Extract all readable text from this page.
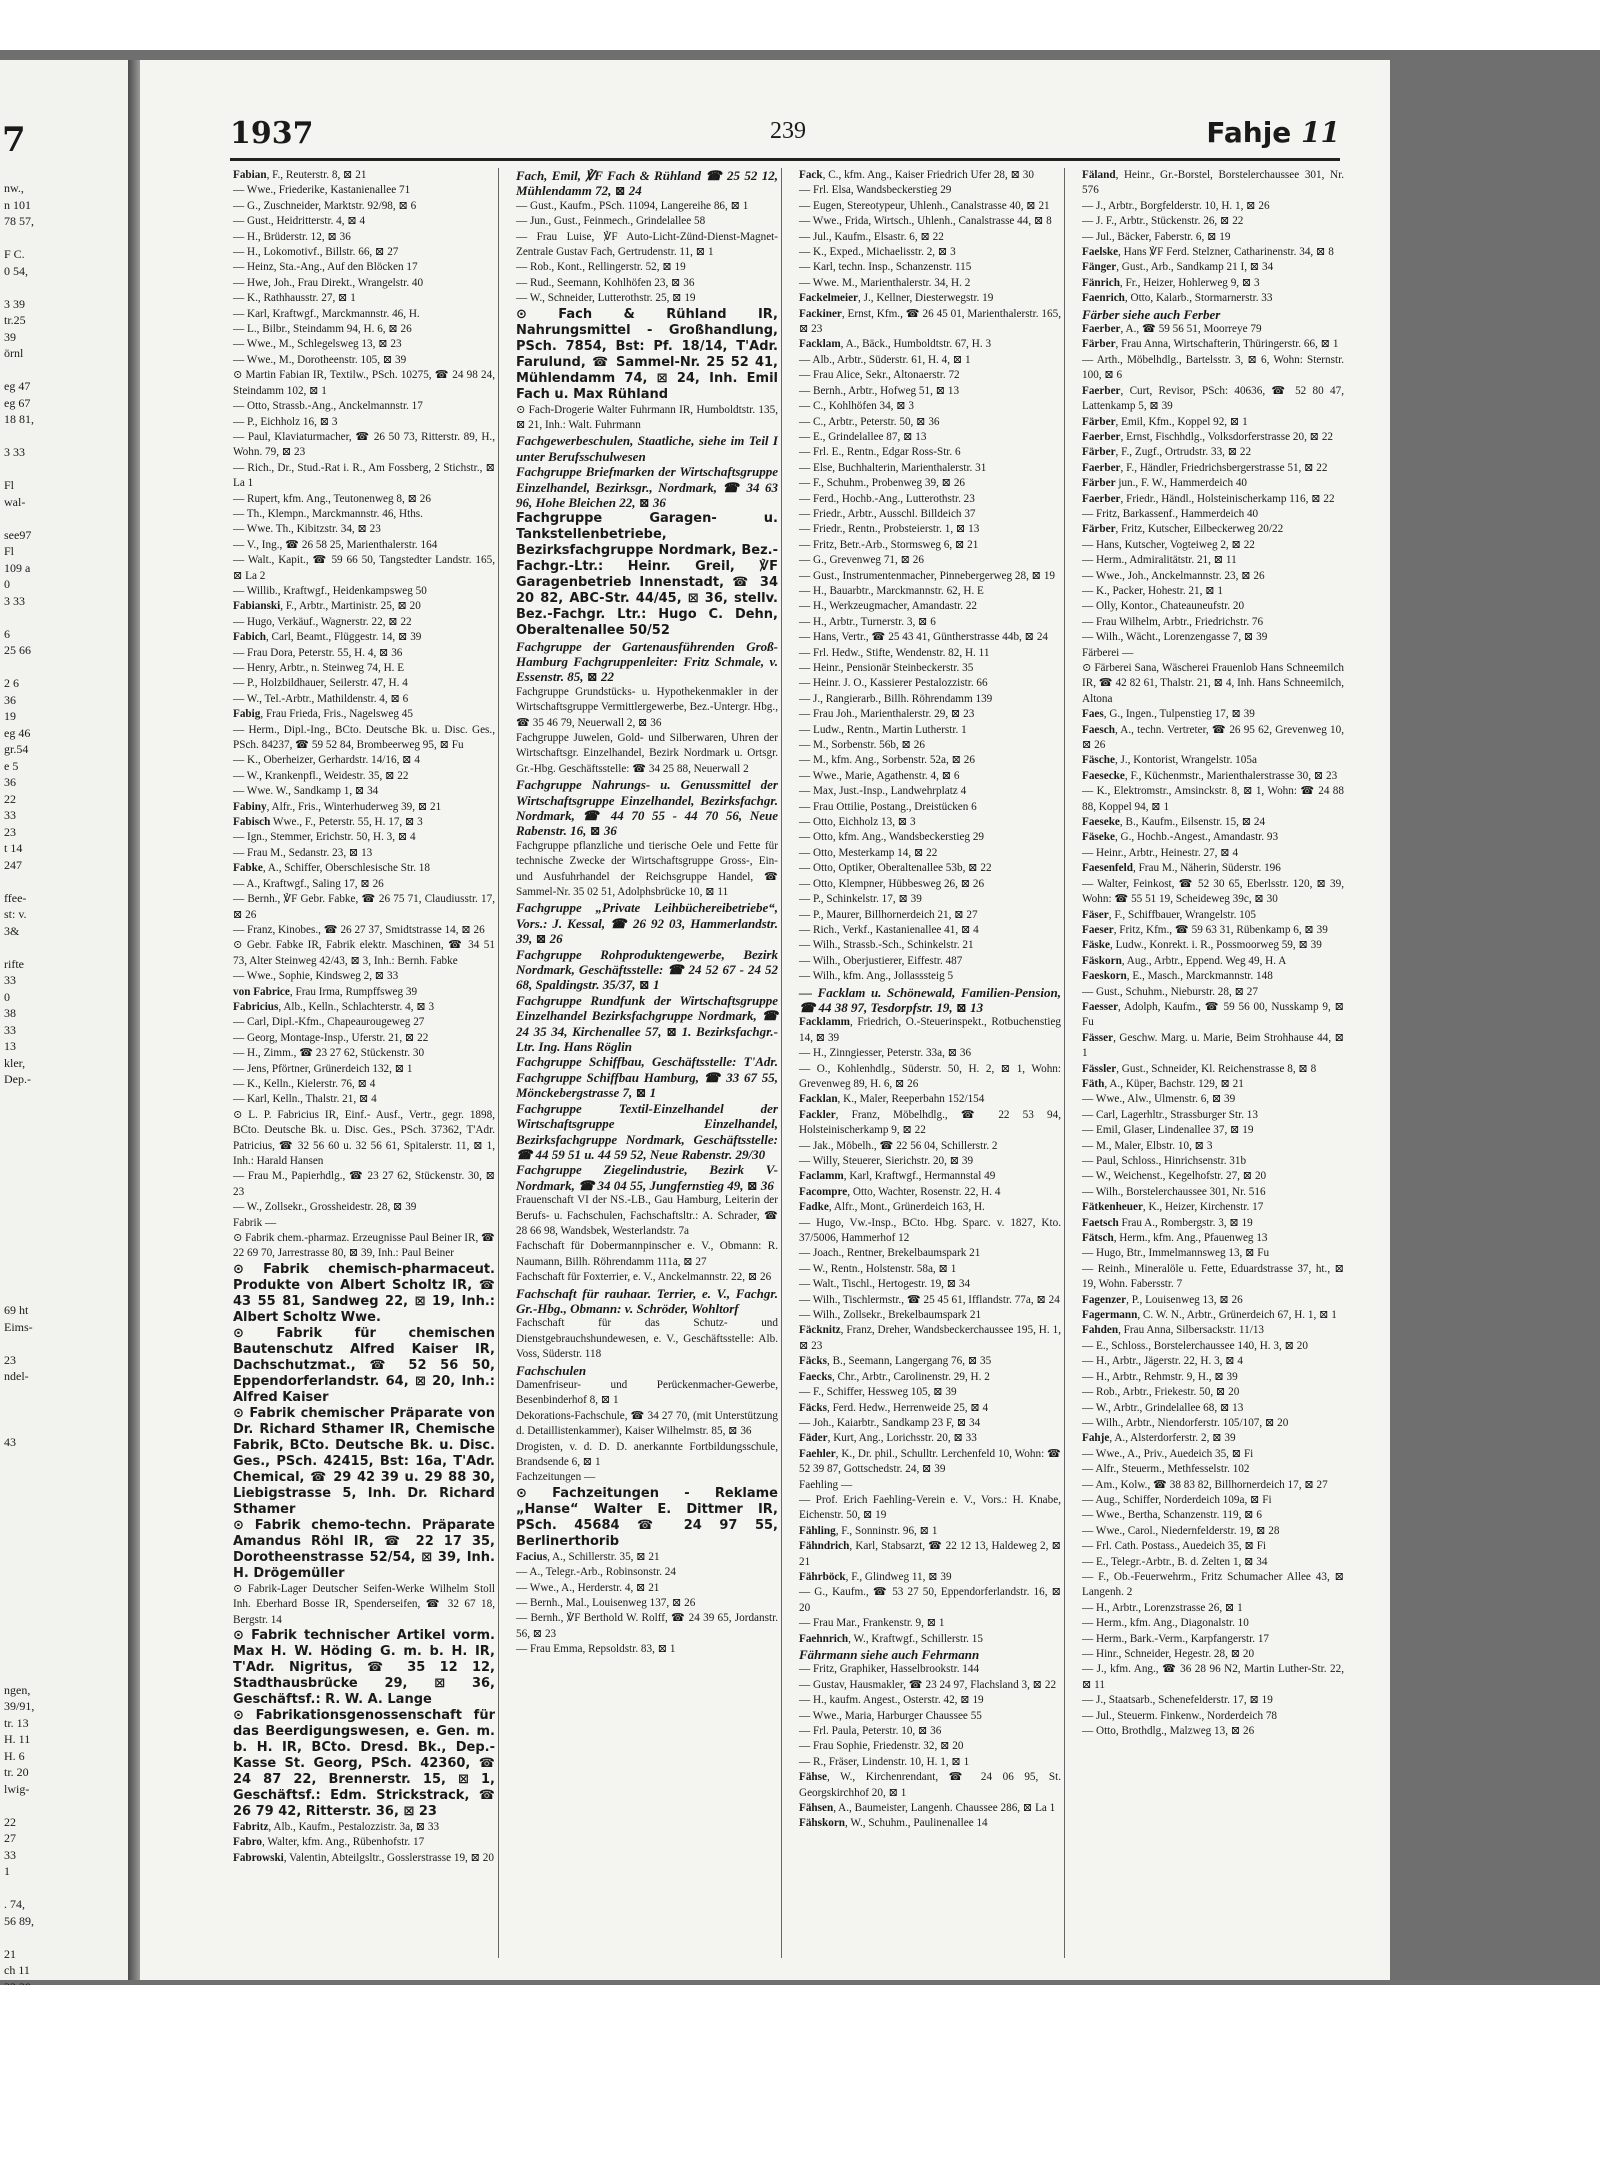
7
nw.,
n 101
78 57,

F C.
0 54,

3 39
tr.25
39
örnl

eg 47
eg 67
18 81,

3 33

Fl
wal-

see97
Fl
109 a
0
3 33

6
25 66

2 6
36
19
eg 46
gr.54
e 5
36
22
33
23
t 14
247

ffee-
st: v.
3&

rifte
33
0
38
33
13
kler,
Dep.-

69 ht
Eims-

23
ndel-

43

ngen,
39/91,
tr. 13
H. 11
H. 6
tr. 20
lwig-

22
27
33
1

. 74,
56 89,

21
ch 11

1937	239	Fahje 11
Fabian, F., Reuterstr. 8, ⊠ 21
— Wwe., Friederike, Kastanienallee 71
— G., Zuschneider, Marktstr. 92/98, ⊠ 6
— Gust., Heidritterstr. 4, ⊠ 4
— H., Brüderstr. 12, ⊠ 36
— H., Lokomotivf., Billstr. 66, ⊠ 27
— Heinz, Sta.-Ang., Auf den Blöcken 17
— Hwe, Joh., Frau Direkt., Wrangelstr. 40
— K., Rathhausstr. 27, ⊠ 1
— Karl, Kraftwgf., Marckmannstr. 46, H.
— L., Bilbr., Steindamm 94, H. 6, ⊠ 26
— Wwe., M., Schlegelsweg 13, ⊠ 23
— Wwe., M., Dorotheenstr. 105, ⊠ 39
⊙ Martin Fabian IR, Textilw., PSch. 10275, ☎ 24 98 24, Steindamm 102, ⊠ 1
— Otto, Strassb.-Ang., Anckelmannstr. 17
— P., Eichholz 16, ⊠ 3
— Paul, Klaviaturmacher, ☎ 26 50 73, Ritterstr. 89, H., Wohn. 79, ⊠ 23
— Rich., Dr., Stud.-Rat i. R., Am Fossberg, 2 Stichstr., ⊠ La 1
— Rupert, kfm. Ang., Teutonenweg 8, ⊠ 26
— Th., Klempn., Marckmannstr. 46, Hths.
— Wwe. Th., Kibitzstr. 34, ⊠ 23
— V., Ing., ☎ 26 58 25, Marienthalerstr. 164
— Walt., Kapit., ☎ 59 66 50, Tangstedter Landstr. 165, ⊠ La 2
— Willib., Kraftwgf., Heidenkampsweg 50
Fabianski, F., Arbtr., Martinistr. 25, ⊠ 20
— Hugo, Verkäuf., Wagnerstr. 22, ⊠ 22
Fabich, Carl, Beamt., Flüggestr. 14, ⊠ 39
— Frau Dora, Peterstr. 55, H. 4, ⊠ 36
— Henry, Arbtr., n. Steinweg 74, H. E
— P., Holzbildhauer, Seilerstr. 47, H. 4
— W., Tel.-Arbtr., Mathildenstr. 4, ⊠ 6
Fabig, Frau Frieda, Fris., Nagelsweg 45
— Herm., Dipl.-Ing., BCto. Deutsche Bk. u. Disc. Ges., PSch. 84237, ☎ 59 52 84, Brombeerweg 95, ⊠ Fu
— K., Oberheizer, Gerhardstr. 14/16, ⊠ 4
— W., Krankenpfl., Weidestr. 35, ⊠ 22
— Wwe. W., Sandkamp 1, ⊠ 34
Fabiny, Alfr., Fris., Winterhuderweg 39, ⊠ 21
Fabisch Wwe., F., Peterstr. 55, H. 17, ⊠ 3
— Ign., Stemmer, Erichstr. 50, H. 3, ⊠ 4
— Frau M., Sedanstr. 23, ⊠ 13
Fabke, A., Schiffer, Oberschlesische Str. 18
— A., Kraftwgf., Saling 17, ⊠ 26
— Bernh., ℣F Gebr. Fabke, ☎ 26 75 71, Claudiusstr. 17, ⊠ 26
— Franz, Kinobes., ☎ 26 27 37, Smidtstrasse 14, ⊠ 26
⊙ Gebr. Fabke IR, Fabrik elektr. Maschinen, ☎ 34 51 73, Alter Steinweg 42/43, ⊠ 3, Inh.: Bernh. Fabke
— Wwe., Sophie, Kindsweg 2, ⊠ 33
von Fabrice, Frau Irma, Rumpffsweg 39
Fabricius, Alb., Kelln., Schlachterstr. 4, ⊠ 3
— Carl, Dipl.-Kfm., Chapeaurougeweg 27
— Georg, Montage-Insp., Uferstr. 21, ⊠ 22
— H., Zimm., ☎ 23 27 62, Stückenstr. 30
— Jens, Pförtner, Grünerdeich 132, ⊠ 1
— K., Kelln., Kielerstr. 76, ⊠ 4
— Karl, Kelln., Thalstr. 21, ⊠ 4
⊙ L. P. Fabricius IR, Einf.- Ausf., Vertr., gegr. 1898, BCto. Deutsche Bk. u. Disc. Ges., PSch. 37362, T'Adr. Patricius, ☎ 32 56 60 u. 32 56 61, Spitalerstr. 11, ⊠ 1, Inh.: Harald Hansen
— Frau M., Papierhdlg., ☎ 23 27 62, Stückenstr. 30, ⊠ 23
— W., Zollsekr., Grossheidestr. 28, ⊠ 39
Fabrik —
⊙ Fabrik chem.-pharmaz. Erzeugnisse Paul Beiner IR, ☎ 22 69 70, Jarrestrasse 80, ⊠ 39, Inh.: Paul Beiner
⊙ Fabrik chemisch-pharmaceut. Produkte von Albert Scholtz IR, ☎ 43 55 81, Sandweg 22, ⊠ 19, Inh.: Albert Scholtz Wwe.
⊙ Fabrik für chemischen Bautenschutz Alfred Kaiser IR, Dachschutzmat., ☎ 52 56 50, Eppendorferlandstr. 64, ⊠ 20, Inh.: Alfred Kaiser
⊙ Fabrik chemischer Präparate von Dr. Richard Sthamer IR, Chemische Fabrik, BCto. Deutsche Bk. u. Disc. Ges., PSch. 42415, Bst: 16a, T'Adr. Chemical, ☎ 29 42 39 u. 29 88 30, Liebigstrasse 5, Inh. Dr. Richard Sthamer
⊙ Fabrik chemo-techn. Präparate Amandus Röhl IR, ☎ 22 17 35, Dorotheenstrasse 52/54, ⊠ 39, Inh. H. Drögemüller
⊙ Fabrik-Lager Deutscher Seifen-Werke Wilhelm Stoll Inh. Eberhard Bosse IR, Spenderseifen, ☎ 32 67 18, Bergstr. 14
⊙ Fabrik technischer Artikel vorm. Max H. W. Höding G. m. b. H. IR, T'Adr. Nigritus, ☎ 35 12 12, Stadthausbrücke 29, ⊠ 36, Geschäftsf.: R. W. A. Lange
⊙ Fabrikationsgenossenschaft für das Beerdigungswesen, e. Gen. m. b. H. IR, BCto. Dresd. Bk., Dep.-Kasse St. Georg, PSch. 42360, ☎ 24 87 22, Brennerstr. 15, ⊠ 1, Geschäftsf.: Edm. Strickstrack, ☎ 26 79 42, Ritterstr. 36, ⊠ 23
Fabritz, Alb., Kaufm., Pestalozzistr. 3a, ⊠ 33
Fabro, Walter, kfm. Ang., Rübenhofstr. 17
Fabrowski, Valentin, Abteilgsltr., Gosslerstrasse 19, ⊠ 20
Fach, Emil, ℣F Fach & Rühland ☎ 25 52 12, Mühlendamm 72, ⊠ 24
— Gust., Kaufm., PSch. 11094, Langereihe 86, ⊠ 1
— Jun., Gust., Feinmech., Grindelallee 58
— Frau Luise, ℣F Auto-Licht-Zünd-Dienst-Magnet-Zentrale Gustav Fach, Gertrudenstr. 11, ⊠ 1
— Rob., Kont., Rellingerstr. 52, ⊠ 19
— Rud., Seemann, Kohlhöfen 23, ⊠ 36
— W., Schneider, Lutterothstr. 25, ⊠ 19
⊙ Fach & Rühland IR, Nahrungsmittel - Großhandlung, PSch. 7854, Bst: Pf. 18/14, T'Adr. Farulund, ☎ Sammel-Nr. 25 52 41, Mühlendamm 74, ⊠ 24, Inh. Emil Fach u. Max Rühland
⊙ Fach-Drogerie Walter Fuhrmann IR, Humboldtstr. 135, ⊠ 21, Inh.: Walt. Fuhrmann
Fachgewerbeschulen, Staatliche, siehe im Teil I unter Berufsschulwesen
Fachgruppe Briefmarken der Wirtschaftsgruppe Einzelhandel, Bezirksgr., Nordmark, ☎ 34 63 96, Hohe Bleichen 22, ⊠ 36
Fachgruppe Garagen- u. Tankstellenbetriebe, Bezirksfachgruppe Nordmark, Bez.-Fachgr.-Ltr.: Heinr. Greil, ℣F Garagenbetrieb Innenstadt, ☎ 34 20 82, ABC-Str. 44/45, ⊠ 36, stellv. Bez.-Fachgr. Ltr.: Hugo C. Dehn, Oberaltenallee 50/52
Fachgruppe der Gartenausführenden Groß-Hamburg Fachgruppenleiter: Fritz Schmale, v. Essenstr. 85, ⊠ 22
Fachgruppe Grundstücks- u. Hypothekenmakler in der Wirtschaftsgruppe Vermittlergewerbe, Bez.-Untergr. Hbg., ☎ 35 46 79, Neuerwall 2, ⊠ 36
Fachgruppe Juwelen, Gold- und Silberwaren, Uhren der Wirtschaftsgr. Einzelhandel, Bezirk Nordmark u. Ortsgr. Gr.-Hbg. Geschäftsstelle: ☎ 34 25 88, Neuerwall 2
Fachgruppe Nahrungs- u. Genussmittel der Wirtschaftsgruppe Einzelhandel, Bezirksfachgr. Nordmark, ☎ 44 70 55 - 44 70 56, Neue Rabenstr. 16, ⊠ 36
Fachgruppe pflanzliche und tierische Oele und Fette für technische Zwecke der Wirtschaftsgruppe Gross-, Ein- und Ausfuhrhandel der Reichsgruppe Handel, ☎ Sammel-Nr. 35 02 51, Adolphsbrücke 10, ⊠ 11
Fachgruppe „Private Leihbüchereibetriebe“, Vors.: J. Kessal, ☎ 26 92 03, Hammerlandstr. 39, ⊠ 26
Fachgruppe Rohproduktengewerbe, Bezirk Nordmark, Geschäftsstelle: ☎ 24 52 67 - 24 52 68, Spaldingstr. 35/37, ⊠ 1
Fachgruppe Rundfunk der Wirtschaftsgruppe Einzelhandel Bezirksfachgruppe Nordmark, ☎ 24 35 34, Kirchenallee 57, ⊠ 1. Bezirksfachgr.-Ltr. Ing. Hans Röglin
Fachgruppe Schiffbau, Geschäftsstelle: T'Adr. Fachgruppe Schiffbau Hamburg, ☎ 33 67 55, Mönckebergstrasse 7, ⊠ 1
Fachgruppe Textil-Einzelhandel der Wirtschaftsgruppe Einzelhandel, Bezirksfachgruppe Nordmark, Geschäftsstelle: ☎ 44 59 51 u. 44 59 52, Neue Rabenstr. 29/30
Fachgruppe Ziegelindustrie, Bezirk V-Nordmark, ☎ 34 04 55, Jungfernstieg 49, ⊠ 36
Frauenschaft VI der NS.-LB., Gau Hamburg, Leiterin der Berufs- u. Fachschulen, Fachschaftsltr.: A. Schrader, ☎ 28 66 98, Wandsbek, Westerlandstr. 7a
Fachschaft für Dobermannpinscher e. V., Obmann: R. Naumann, Billh. Röhrendamm 111a, ⊠ 27
Fachschaft für Foxterrier, e. V., Anckelmannstr. 22, ⊠ 26
Fachschaft für rauhaar. Terrier, e. V., Fachgr. Gr.-Hbg., Obmann: v. Schröder, Wohltorf
Fachschaft für das Schutz- und Dienstgebrauchshundewesen, e. V., Geschäftsstelle: Alb. Voss, Süderstr. 118
Fachschulen
Damenfriseur- und Perückenmacher-Gewerbe, Besenbinderhof 8, ⊠ 1
Dekorations-Fachschule, ☎ 34 27 70, (mit Unterstützung d. Detaillistenkammer), Kaiser Wilhelmstr. 85, ⊠ 36
Drogisten, v. d. D. D. anerkannte Fortbildungsschule, Brandsende 6, ⊠ 1
Fachzeitungen —
⊙ Fachzeitungen - Reklame „Hanse“ Walter E. Dittmer IR, PSch. 45684 ☎ 24 97 55, Berlinerthorib
Facius, A., Schillerstr. 35, ⊠ 21
— A., Telegr.-Arb., Robinsonstr. 24
— Wwe., A., Herderstr. 4, ⊠ 21
— Bernh., Mal., Louisenweg 137, ⊠ 26
— Bernh., ℣F Berthold W. Rolff, ☎ 24 39 65, Jordanstr. 56, ⊠ 23
— Frau Emma, Repsoldstr. 83, ⊠ 1
Fack, C., kfm. Ang., Kaiser Friedrich Ufer 28, ⊠ 30
— Frl. Elsa, Wandsbeckerstieg 29
— Eugen, Stereotypeur, Uhlenh., Canalstrasse 40, ⊠ 21
— Wwe., Frida, Wirtsch., Uhlenh., Canalstrasse 44, ⊠ 8
— Jul., Kaufm., Elsastr. 6, ⊠ 22
— K., Exped., Michaelisstr. 2, ⊠ 3
— Karl, techn. Insp., Schanzenstr. 115
— Wwe. M., Marienthalerstr. 34, H. 2
Fackelmeier, J., Kellner, Diesterwegstr. 19
Fackiner, Ernst, Kfm., ☎ 26 45 01, Marienthalerstr. 165, ⊠ 23
Facklam, A., Bäck., Humboldtstr. 67, H. 3
— Alb., Arbtr., Süderstr. 61, H. 4, ⊠ 1
— Frau Alice, Sekr., Altonaerstr. 72
— Bernh., Arbtr., Hofweg 51, ⊠ 13
— C., Kohlhöfen 34, ⊠ 3
— C., Arbtr., Peterstr. 50, ⊠ 36
— E., Grindelallee 87, ⊠ 13
— Frl. E., Rentn., Edgar Ross-Str. 6
— Else, Buchhalterin, Marienthalerstr. 31
— F., Schuhm., Probenweg 39, ⊠ 26
— Ferd., Hochb.-Ang., Lutterothstr. 23
— Friedr., Arbtr., Ausschl. Billdeich 37
— Friedr., Rentn., Probsteierstr. 1, ⊠ 13
— Fritz, Betr.-Arb., Stormsweg 6, ⊠ 21
— G., Grevenweg 71, ⊠ 26
— Gust., Instrumentenmacher, Pinnebergerweg 28, ⊠ 19
— H., Bauarbtr., Marckmannstr. 62, H. E
— H., Werkzeugmacher, Amandastr. 22
— H., Arbtr., Turnerstr. 3, ⊠ 6
— Hans, Vertr., ☎ 25 43 41, Güntherstrasse 44b, ⊠ 24
— Frl. Hedw., Stifte, Wendenstr. 82, H. 11
— Heinr., Pensionär Steinbeckerstr. 35
— Heinr. J. O., Kassierer Pestalozzistr. 66
— J., Rangierarb., Billh. Röhrendamm 139
— Frau Joh., Marienthalerstr. 29, ⊠ 23
— Ludw., Rentn., Martin Lutherstr. 1
— M., Sorbenstr. 56b, ⊠ 26
— M., kfm. Ang., Sorbenstr. 52a, ⊠ 26
— Wwe., Marie, Agathenstr. 4, ⊠ 6
— Max, Just.-Insp., Landwehrplatz 4
— Frau Ottilie, Postang., Dreistücken 6
— Otto, Eichholz 13, ⊠ 3
— Otto, kfm. Ang., Wandsbeckerstieg 29
— Otto, Mesterkamp 14, ⊠ 22
— Otto, Optiker, Oberaltenallee 53b, ⊠ 22
— Otto, Klempner, Hübbesweg 26, ⊠ 26
— P., Schinkelstr. 17, ⊠ 39
— P., Maurer, Billhornerdeich 21, ⊠ 27
— Rich., Verkf., Kastanienallee 41, ⊠ 4
— Wilh., Strassb.-Sch., Schinkelstr. 21
— Wilh., Oberjustierer, Eiffestr. 487
— Wilh., kfm. Ang., Jollasssteig 5
— Facklam u. Schönewald, Familien-Pension, ☎ 44 38 97, Tesdorpfstr. 19, ⊠ 13
Facklamm, Friedrich, O.-Steuerinspekt., Rotbuchenstieg 14, ⊠ 39
— H., Zinngiesser, Peterstr. 33a, ⊠ 36
— O., Kohlenhdlg., Süderstr. 50, H. 2, ⊠ 1, Wohn: Grevenweg 89, H. 6, ⊠ 26
Facklan, K., Maler, Reeperbahn 152/154
Fackler, Franz, Möbelhdlg., ☎ 22 53 94, Holsteinischerkamp 9, ⊠ 22
— Jak., Möbelh., ☎ 22 56 04, Schillerstr. 2
— Willy, Steuerer, Sierichstr. 20, ⊠ 39
Faclamm, Karl, Kraftwgf., Hermannstal 49
Facompre, Otto, Wachter, Rosenstr. 22, H. 4
Fadke, Alfr., Mont., Grünerdeich 163, H.
— Hugo, Vw.-Insp., BCto. Hbg. Sparc. v. 1827, Kto. 37/5006, Hammerhof 12
— Joach., Rentner, Brekelbaumspark 21
— W., Rentn., Holstenstr. 58a, ⊠ 1
— Walt., Tischl., Hertogestr. 19, ⊠ 34
— Wilh., Tischlermstr., ☎ 25 45 61, Ifflandstr. 77a, ⊠ 24
— Wilh., Zollsekr., Brekelbaumspark 21
Fäcknitz, Franz, Dreher, Wandsbeckerchaussee 195, H. 1, ⊠ 23
Fäcks, B., Seemann, Langergang 76, ⊠ 35
Faecks, Chr., Arbtr., Carolinenstr. 29, H. 2
— F., Schiffer, Hessweg 105, ⊠ 39
Fäcks, Ferd. Hedw., Herrenweide 25, ⊠ 4
— Joh., Kaiarbtr., Sandkamp 23 F, ⊠ 34
Fäder, Kurt, Ang., Lorichsstr. 20, ⊠ 33
Faehler, K., Dr. phil., Schulltr. Lerchenfeld 10, Wohn: ☎ 52 39 87, Gottschedstr. 24, ⊠ 39
Faehling —
— Prof. Erich Faehling-Verein e. V., Vors.: H. Knabe, Eichenstr. 50, ⊠ 19
Fähling, F., Sonninstr. 96, ⊠ 1
Fähndrich, Karl, Stabsarzt, ☎ 22 12 13, Haldeweg 2, ⊠ 21
Fährböck, F., Glindweg 11, ⊠ 39
— G., Kaufm., ☎ 53 27 50, Eppendorferlandstr. 16, ⊠ 20
— Frau Mar., Frankenstr. 9, ⊠ 1
Faehnrich, W., Kraftwgf., Schillerstr. 15
Fährmann siehe auch Fehrmann
— Fritz, Graphiker, Hasselbrookstr. 144
— Gustav, Hausmakler, ☎ 23 24 97, Flachsland 3, ⊠ 22
— H., kaufm. Angest., Osterstr. 42, ⊠ 19
— Wwe., Maria, Harburger Chaussee 55
— Frl. Paula, Peterstr. 10, ⊠ 36
— Frau Sophie, Friedenstr. 32, ⊠ 20
— R., Fräser, Lindenstr. 10, H. 1, ⊠ 1
Fähse, W., Kirchenrendant, ☎ 24 06 95, St. Georgskirchhof 20, ⊠ 1
Fähsen, A., Baumeister, Langenh. Chaussee 286, ⊠ La 1
Fähskorn, W., Schuhm., Paulinenallee 14
Fäland, Heinr., Gr.-Borstel, Borstelerchaussee 301, Nr. 576
— J., Arbtr., Borgfelderstr. 10, H. 1, ⊠ 26
— J. F., Arbtr., Stückenstr. 26, ⊠ 22
— Jul., Bäcker, Faberstr. 6, ⊠ 19
Faelske, Hans ℣F Ferd. Stelzner, Catharinenstr. 34, ⊠ 8
Fänger, Gust., Arb., Sandkamp 21 I, ⊠ 34
Fänrich, Fr., Heizer, Hohlerweg 9, ⊠ 3
Faenrich, Otto, Kalarb., Stormarnerstr. 33
Färber siehe auch Ferber
Faerber, A., ☎ 59 56 51, Moorreye 79
Färber, Frau Anna, Wirtschafterin, Thüringerstr. 66, ⊠ 1
— Arth., Möbelhdlg., Bartelsstr. 3, ⊠ 6, Wohn: Sternstr. 100, ⊠ 6
Faerber, Curt, Revisor, PSch: 40636, ☎ 52 80 47, Lattenkamp 5, ⊠ 39
Färber, Emil, Kfm., Koppel 92, ⊠ 1
Faerber, Ernst, Fischhdlg., Volksdorferstrasse 20, ⊠ 22
Färber, F., Zugf., Ortrudstr. 33, ⊠ 22
Faerber, F., Händler, Friedrichsbergerstrasse 51, ⊠ 22
Färber jun., F. W., Hammerdeich 40
Faerber, Friedr., Händl., Holsteinischerkamp 116, ⊠ 22
— Fritz, Barkassenf., Hammerdeich 40
Färber, Fritz, Kutscher, Eilbeckerweg 20/22
— Hans, Kutscher, Vogteiweg 2, ⊠ 22
— Herm., Admiralitätstr. 21, ⊠ 11
— Wwe., Joh., Anckelmannstr. 23, ⊠ 26
— K., Packer, Hohestr. 21, ⊠ 1
— Olly, Kontor., Chateauneufstr. 20
— Frau Wilhelm, Arbtr., Friedrichstr. 76
— Wilh., Wächt., Lorenzengasse 7, ⊠ 39
Färberei —
⊙ Färberei Sana, Wäscherei Frauenlob Hans Schneemilch IR, ☎ 42 82 61, Thalstr. 21, ⊠ 4, Inh. Hans Schneemilch, Altona
Faes, G., Ingen., Tulpenstieg 17, ⊠ 39
Faesch, A., techn. Vertreter, ☎ 26 95 62, Grevenweg 10, ⊠ 26
Fäsche, J., Kontorist, Wrangelstr. 105a
Faesecke, F., Küchenmstr., Marienthalerstrasse 30, ⊠ 23
— K., Elektromstr., Amsinckstr. 8, ⊠ 1, Wohn: ☎ 24 88 88, Koppel 94, ⊠ 1
Faeseke, B., Kaufm., Eilsenstr. 15, ⊠ 24
Fäseke, G., Hochb.-Angest., Amandastr. 93
— Heinr., Arbtr., Heinestr. 27, ⊠ 4
Faesenfeld, Frau M., Näherin, Süderstr. 196
— Walter, Feinkost, ☎ 52 30 65, Eberlsstr. 120, ⊠ 39, Wohn: ☎ 55 51 19, Scheideweg 39c, ⊠ 30
Fäser, F., Schiffbauer, Wrangelstr. 105
Faeser, Fritz, Kfm., ☎ 59 63 31, Rübenkamp 6, ⊠ 39
Fäske, Ludw., Konrekt. i. R., Possmoorweg 59, ⊠ 39
Fäskorn, Aug., Arbtr., Eppend. Weg 49, H. A
Faeskorn, E., Masch., Marckmannstr. 148
— Gust., Schuhm., Nieburstr. 28, ⊠ 27
Faesser, Adolph, Kaufm., ☎ 59 56 00, Nusskamp 9, ⊠ Fu
Fässer, Geschw. Marg. u. Marie, Beim Strohhause 44, ⊠ 1
Fässler, Gust., Schneider, Kl. Reichenstrasse 8, ⊠ 8
Fäth, A., Küper, Bachstr. 129, ⊠ 21
— Wwe., Alw., Ulmenstr. 6, ⊠ 39
— Carl, Lagerhltr., Strassburger Str. 13
— Emil, Glaser, Lindenallee 37, ⊠ 19
— M., Maler, Elbstr. 10, ⊠ 3
— Paul, Schloss., Hinrichsenstr. 31b
— W., Weichenst., Kegelhofstr. 27, ⊠ 20
— Wilh., Borstelerchaussee 301, Nr. 516
Fätkenheuer, K., Heizer, Kirchenstr. 17
Faetsch Frau A., Rombergstr. 3, ⊠ 19
Fätsch, Herm., kfm. Ang., Pfauenweg 13
— Hugo, Btr., Immelmannsweg 13, ⊠ Fu
— Reinh., Mineralöle u. Fette, Eduardstrasse 37, ht., ⊠ 19, Wohn. Fabersstr. 7
Fagenzer, P., Louisenweg 13, ⊠ 26
Fagermann, C. W. N., Arbtr., Grünerdeich 67, H. 1, ⊠ 1
Fahden, Frau Anna, Silbersackstr. 11/13
— E., Schloss., Borstelerchaussee 140, H. 3, ⊠ 20
— H., Arbtr., Jägerstr. 22, H. 3, ⊠ 4
— H., Arbtr., Rehmstr. 9, H., ⊠ 39
— Rob., Arbtr., Friekestr. 50, ⊠ 20
— W., Arbtr., Grindelallee 68, ⊠ 13
— Wilh., Arbtr., Niendorferstr. 105/107, ⊠ 20
Fahje, A., Alsterdorferstr. 2, ⊠ 39
— Wwe., A., Priv., Auedeich 35, ⊠ Fi
— Alfr., Steuerm., Methfesselstr. 102
— Am., Kolw., ☎ 38 83 82, Billhornerdeich 17, ⊠ 27
— Aug., Schiffer, Norderdeich 109a, ⊠ Fi
— Wwe., Bertha, Schanzenstr. 119, ⊠ 6
— Wwe., Carol., Niedernfelderstr. 19, ⊠ 28
— Frl. Cath. Postass., Auedeich 35, ⊠ Fi
— E., Telegr.-Arbtr., B. d. Zelten 1, ⊠ 34
— F., Ob.-Feuerwehrm., Fritz Schumacher Allee 43, ⊠ Langenh. 2
— H., Arbtr., Lorenzstrasse 26, ⊠ 1
— Herm., kfm. Ang., Diagonalstr. 10
— Herm., Bark.-Verm., Karpfangerstr. 17
— Hinr., Schneider, Hegestr. 28, ⊠ 20
— J., kfm. Ang., ☎ 36 28 96 N2, Martin Luther-Str. 22, ⊠ 11
— J., Staatsarb., Schenefelderstr. 17, ⊠ 19
— Jul., Steuerm. Finkenw., Norderdeich 78
— Otto, Brothdlg., Malzweg 13, ⊠ 26
